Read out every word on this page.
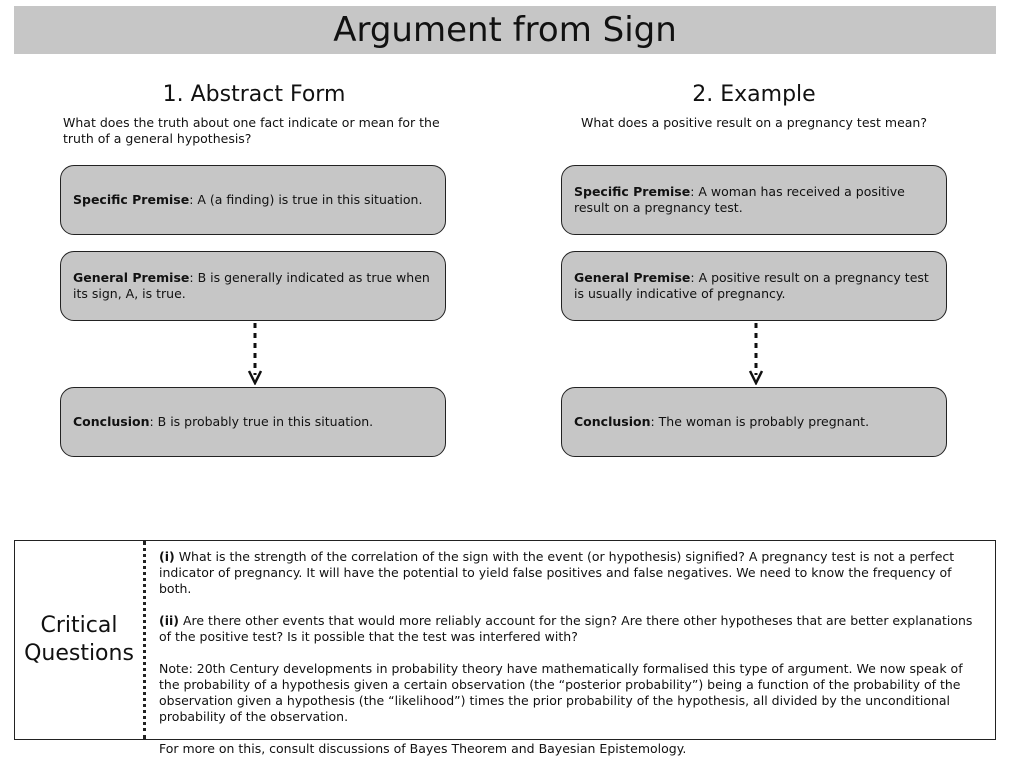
Argument from Sign
1. Abstract Form
What does the truth about one fact indicate or mean for the truth of a general hypothesis?
Specific Premise: A (a finding) is true in this situation.
General Premise: B is generally indicated as true when its sign, A, is true.
Conclusion: B is probably true in this situation.
2. Example
What does a positive result on a pregnancy test mean?
Specific Premise: A woman has received a positive result on a pregnancy test.
General Premise: A positive result on a pregnancy test is usually indicative of pregnancy.
Conclusion: The woman is probably pregnant.
Critical
Questions

(i) What is the strength of the correlation of the sign with the event (or hypothesis) signified? A pregnancy test is not a perfect indicator of pregnancy. It will have the potential to yield false positives and false negatives. We need to know the frequency of both.

(ii) Are there other events that would more reliably account for the sign? Are there other hypotheses that are better explanations of the positive test? Is it possible that the test was interfered with?

Note: 20th Century developments in probability theory have mathematically formalised this type of argument. We now speak of the probability of a hypothesis given a certain observation (the “posterior probability”) being a function of the probability of the observation given a hypothesis (the “likelihood”) times the prior probability of the hypothesis, all divided by the unconditional probability of the observation.

For more on this, consult discussions of Bayes Theorem and Bayesian Epistemology.
